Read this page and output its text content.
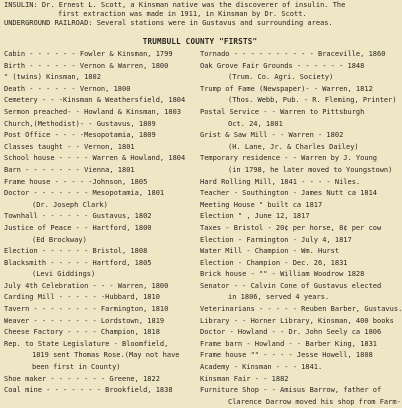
INSULIN: Dr. Ernest L. Scott, a Kinsman native was the discoverer of insulin. The
first extraction was made in 1911, in Kinsman by Dr. Scott.
UNDERGROUND RAILROAD: Several stations were in Gustavus and surrounding areas.
TRUMBULL COUNTY "FIRSTS"
Cabin - - - - - - Fowler & Kinsman, 1799
Birth - - - - - - Vernon & Warren, 1800
" (twins) Kinsman, 1802
Death - - - - - - Vernon, 1800
Cemetery - - -Kinsman & Weathersfield, 1804
Sermon preached- - Howland & Kinsman, 1803
Church,(Methodist)- - Gustavus, 1809
Post Office - - - -Mesopotamia, 1809
Classes taught - - Vernon, 1801
School house - - - - Warren & Howland, 1804
Barn - - - - - - - Vienna, 1801
Frame house - - - - -Johnson, 1805
Doctor - - - - - - - Mesopotamia, 1801
(Dr. Joseph Clark)
Townhall - - - - - - Gustavus, 1802
Justice of Peace - - Hartford, 1800
(Ed Brockway)
Election - - - - - - Bristol, 1808
Blacksmith - - - - - Hartford, 1805
(Levi Giddings)
July 4th Celebration - - - Warren, 1800
Carding Mill - - - - - -Hubbard, 1810
Tavern - - - - - - - - Farmington, 1810
Weaver - - - - - - - - Lordstown, 1819
Cheese Factory - - - - Champion, 1818
Rep. to State Legislature - Bloomfield,
1819 sent Thomas Rose.(May not have
been first in County)
Shoe maker - - - - - - - Greene, 1822
Coal mine - - - - - - - Brookfield, 1838
Tornado - - - - - - - - - - Braceville, 1860
Oak Grove Fair Grounds - - - - - - 1848
(Trum. Co. Agri. Society)
Trump of Fame (Newspaper)- - Warren, 1812
(Thos. Webb, Pub. - R. Fleming, Printer)
Postal Service - - Warren to Pittsburgh
Oct. 24, 1801
Grist & Saw Mill - - Warren - 1802
(H. Lane, Jr. & Charles Dailey)
Temporary residence - - Warren by J. Young
(in 1798, he later moved to Youngstown)
Hard Rolling Mill, 1841 - - - - Niles.
Teacher - Southington - James Nutt ca 1814
Meeting House " built ca 1817
Election " , June 12, 1817
Taxes - Bristol - 20¢ per horse, 8¢ per cow
Election - Farmington - July 4, 1817
Water Mill - Champion - Wm. Hurst
Election - Champion - Dec. 26, 1831
Brick house - "" - William Woodrow 1828
Senator - - Calvin Cone of Gustavus elected
in 1806, served 4 years.
Veterinarians - - - - - Reuben Barber, Gustavus.
Library - - Horner Library, Kinsman, 400 books
Doctor - Howland - - Dr. John Seely ca 1806
Frame barn - Howland - - Barber King, 1831
Frame house "" - - - - Jesse Howell, 1808
Academy - Kinsman - - - 1841.
Kinsman Fair - - 1882
Furniture Shop - - Amisus Barrow, father of
Clarence Darrow moved his shop from Farm-
